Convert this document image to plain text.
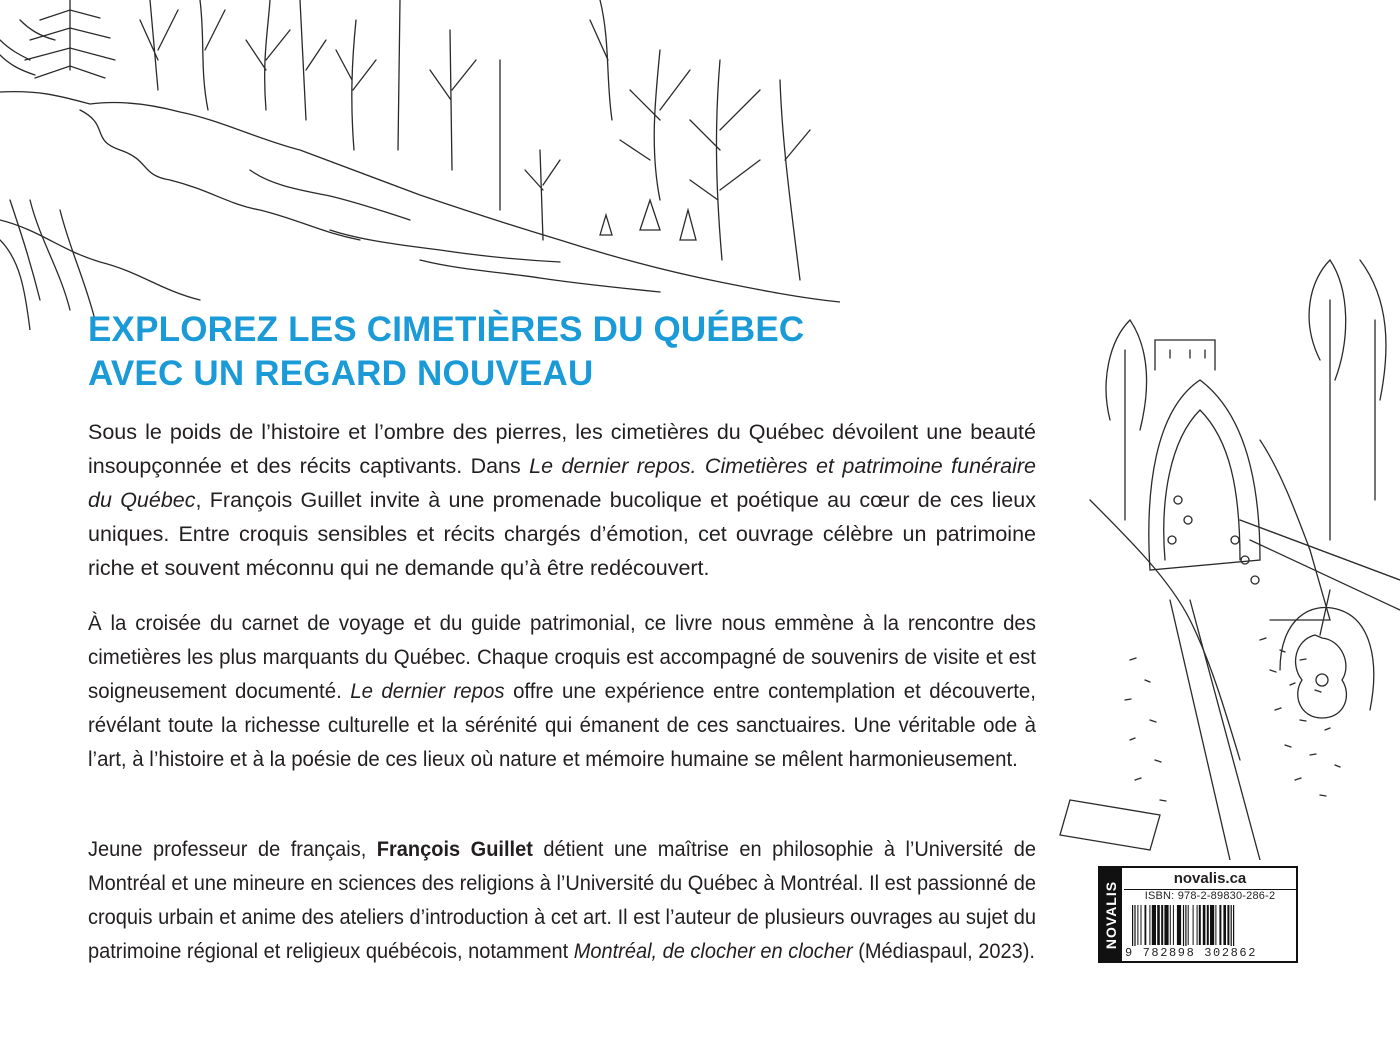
EXPLOREZ LES CIMETIÈRES DU QUÉBEC
AVEC UN REGARD NOUVEAU

Sous le poids de l’histoire et l’ombre des pierres, les cimetières du Québec dévoilent une beauté insoupçonnée et des récits captivants. Dans Le dernier repos. Cimetières et patrimoine funéraire du Québec, François Guillet invite à une promenade bucolique et poétique au cœur de ces lieux uniques. Entre croquis sensibles et récits chargés d’émotion, cet ouvrage célèbre un patrimoine riche et souvent méconnu qui ne demande qu’à être redécouvert.

À la croisée du carnet de voyage et du guide patrimonial, ce livre nous emmène à la rencontre des cimetières les plus marquants du Québec. Chaque croquis est accompagné de souvenirs de visite et est soigneusement documenté. Le dernier repos offre une expérience entre contemplation et découverte, révélant toute la richesse culturelle et la sérénité qui émanent de ces sanctuaires. Une véritable ode à l’art, à l’histoire et à la poésie de ces lieux où nature et mémoire humaine se mêlent harmonieusement.

Jeune professeur de français, François Guillet détient une maîtrise en philosophie à l’Université de Montréal et une mineure en sciences des religions à l’Université du Québec à Montréal. Il est passionné de croquis urbain et anime des ateliers d’introduction à cet art. Il est l’auteur de plusieurs ouvrages au sujet du patrimoine régional et religieux québécois, notamment Montréal, de clocher en clocher (Médiaspaul, 2023).

NOVALIS
novalis.ca
ISBN: 978-2-89830-286-2
9 782898 302862
